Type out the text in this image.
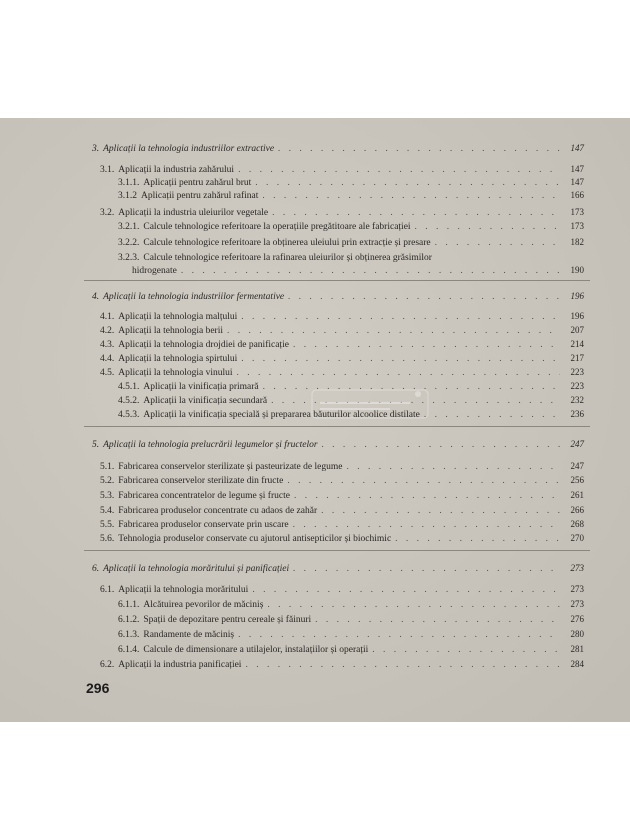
3. Aplicații la tehnologia industriilor extractive . . .	147
3.1. Aplicații la industria zahărului . . .	147
3.1.1. Aplicații pentru zahărul brut . . .	147
3.1.2 Aplicații pentru zahărul rafinat . . .	166
3.2. Aplicații la industria uleiurilor vegetale . . .	173
3.2.1. Calcule tehnologice referitoare la operațiile pregătitoare ale fabricației . . .	173
3.2.2. Calcule tehnologice referitoare la obținerea uleiului prin extracție și presare . . .	182
3.2.3. Calcule tehnologice referitoare la rafinarea uleiurilor și obținerea grăsimilor
hidrogenate . . .	190
4. Aplicații la tehnologia industriilor fermentative . . .	196
4.1. Aplicații la tehnologia malțului . . .	196
4.2. Aplicații la tehnologia berii . . .	207
4.3. Aplicații la tehnologia drojdiei de panificație . . .	214
4.4. Aplicații la tehnologia spirtului . . .	217
4.5. Aplicații la tehnologia vinului . . .	223
4.5.1. Aplicații la vinificația primară . . .	223
4.5.2. Aplicații la vinificația secundară . . .	232
4.5.3. Aplicații la vinificația specială și prepararea băuturilor alcoolice distilate . . .	236
5. Aplicații la tehnologia prelucrării legumelor și fructelor . . .	247
5.1. Fabricarea conservelor sterilizate și pasteurizate de legume . . .	247
5.2. Fabricarea conservelor sterilizate din fructe . . .	256
5.3. Fabricarea concentratelor de legume și fructe . . .	261
5.4. Fabricarea produselor concentrate cu adaos de zahăr . . .	266
5.5. Fabricarea produselor conservate prin uscare . . .	268
5.6. Tehnologia produselor conservate cu ajutorul antisepticilor și biochimic . . .	270
6. Aplicații la tehnologia morăritului și panificației . . .	273
6.1. Aplicații la tehnologia morăritului . . .	273
6.1.1. Alcătuirea pevorilor de măciniș . . .	273
6.1.2. Spații de depozitare pentru cereale și făinuri . . .	276
6.1.3. Randamente de măciniș . . .	280
6.1.4. Calcule de dimensionare a utilajelor, instalațiilor și operații . . .	281
6.2. Aplicații la industria panificației . . .	284
296
